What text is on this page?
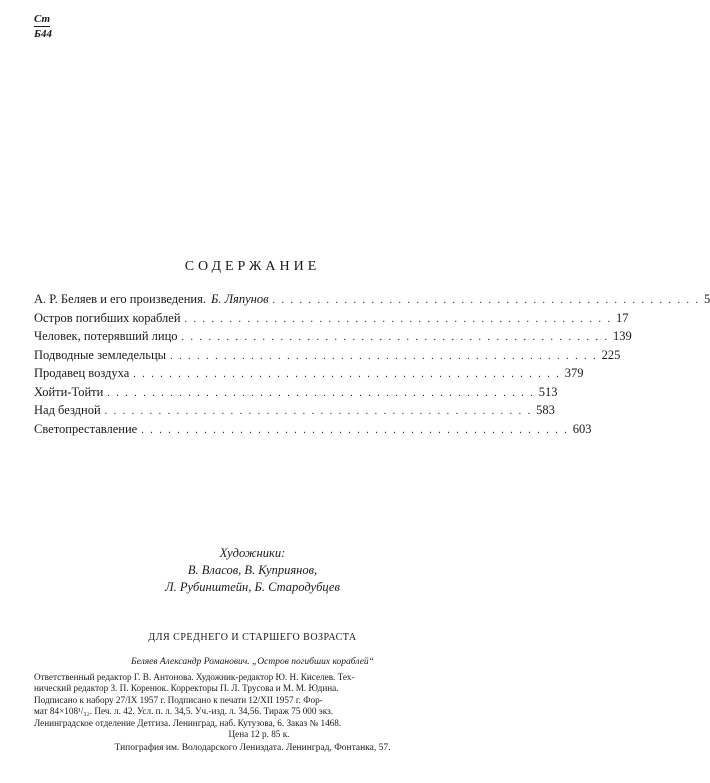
Ст
Б44
СОДЕРЖАНИЕ
А. Р. Беляев и его произведения. Б. Ляпунов . . . . . . . . . . . . . . . . . . . . . . . . . . . . . . . . . . . . . . . . . . . . . . . . 5
Остров погибших кораблей . . . . . . . . . . . . . . . . . . . . . . . . . . . . . . . . . . . . . . . . . . . . . . . . 17
Человек, потерявший лицо . . . . . . . . . . . . . . . . . . . . . . . . . . . . . . . . . . . . . . . . . . . . . . . . 139
Подводные земледельцы . . . . . . . . . . . . . . . . . . . . . . . . . . . . . . . . . . . . . . . . . . . . . . . . 225
Продавец воздуха . . . . . . . . . . . . . . . . . . . . . . . . . . . . . . . . . . . . . . . . . . . . . . . . 379
Хойти-Тойти . . . . . . . . . . . . . . . . . . . . . . . . . . . . . . . . . . . . . . . . . . . . . . . . 513
Над бездной . . . . . . . . . . . . . . . . . . . . . . . . . . . . . . . . . . . . . . . . . . . . . . . . 583
Светопреставление . . . . . . . . . . . . . . . . . . . . . . . . . . . . . . . . . . . . . . . . . . . . . . . . 603
Художники:
В. Власов, В. Куприянов,
Л. Рубинштейн, Б. Стародубцев
ДЛЯ СРЕДНЕГО И СТАРШЕГО ВОЗРАСТА
Беляев Александр Романович. „Остров погибших кораблей“
Ответственный редактор Г. В. Антонова. Художник-редактор Ю. Н. Киселев. Тех-
нический редактор З. П. Коренюк. Корректоры П. Л. Трусова и М. М. Юдина.
Подписано к набору 27/IX 1957 г. Подписано к печати 12/XII 1957 г. Фор-
мат 84×108¹/₃₂. Печ. л. 42. Усл. п. л. 34,5. Уч.-изд. л. 34,56. Тираж 75 000 экз.
Ленинградское отделение Детгиза. Ленинград, наб. Кутузова, 6. Заказ № 1468.
Цена 12 р. 85 к.
Типография им. Володарского Лениздата. Ленинград, Фонтанка, 57.
